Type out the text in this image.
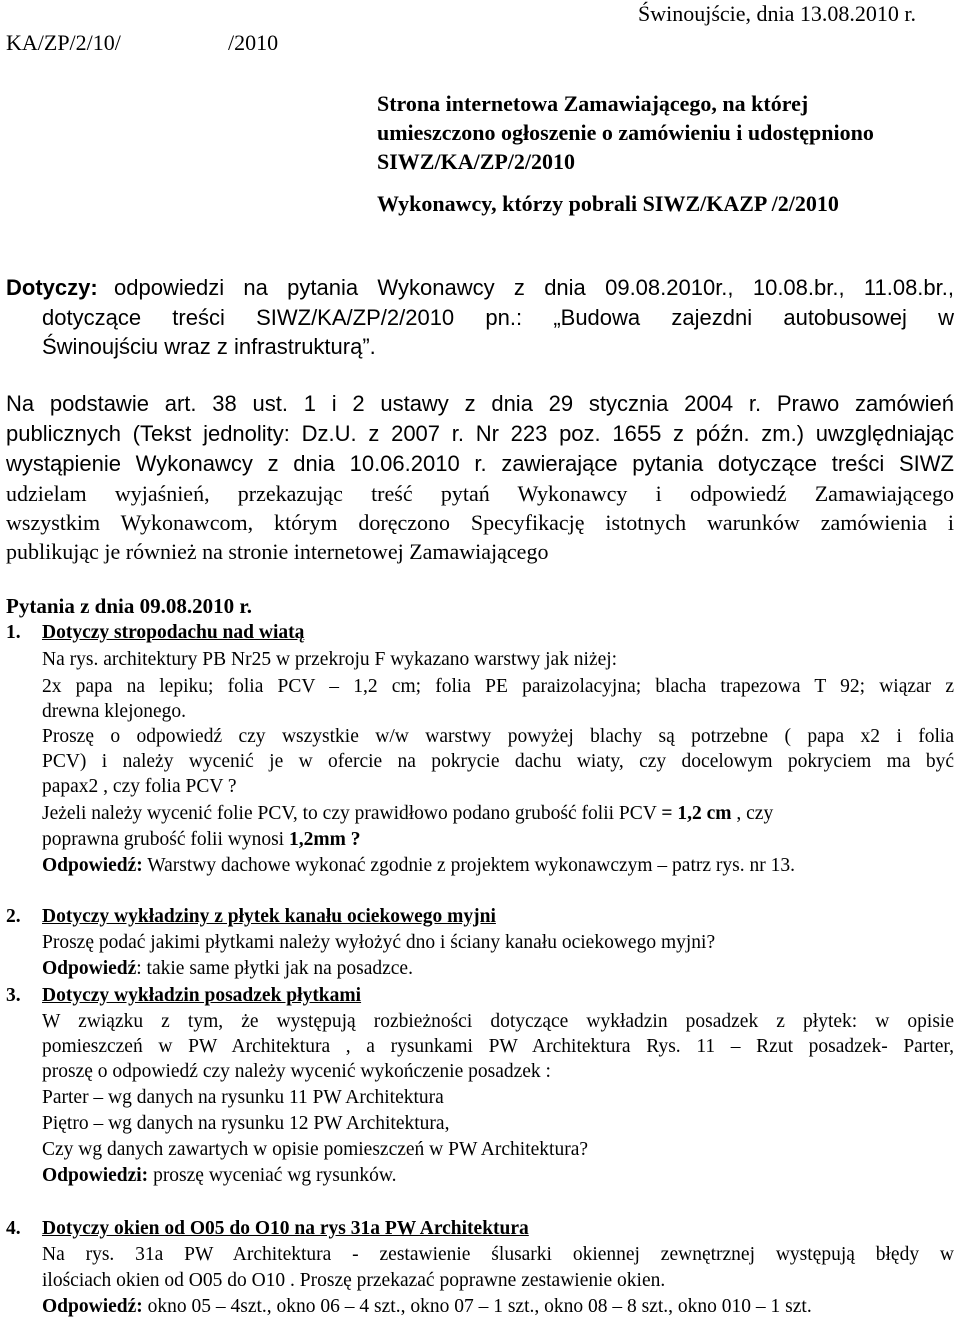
KA/ZP/2/10/	/2010
Świnoujście, dnia 13.08.2010 r.
Strona internetowa Zamawiającego, na której
umieszczono ogłoszenie o zamówieniu i udostępniono
SIWZ/KA/ZP/2/2010
Wykonawcy, którzy pobrali SIWZ/KAZP /2/2010
Dotyczy: odpowiedzi na pytania Wykonawcy z dnia 09.08.2010r., 10.08.br., 11.08.br.,
dotyczące treści SIWZ/KA/ZP/2/2010 pn.: „Budowa zajezdni autobusowej w
Świnoujściu wraz z infrastrukturą”.
Na podstawie art. 38 ust. 1 i 2 ustawy z dnia 29 stycznia 2004 r. Prawo zamówień
publicznych (Tekst jednolity: Dz.U. z 2007 r. Nr 223 poz. 1655 z późn. zm.) uwzględniając
wystąpienie Wykonawcy z dnia 10.06.2010 r. zawierające pytania dotyczące treści SIWZ
udzielam wyjaśnień, przekazując treść pytań Wykonawcy i odpowiedź Zamawiającego
wszystkim Wykonawcom, którym doręczono Specyfikację istotnych warunków zamówienia i
publikując je również na stronie internetowej Zamawiającego
Pytania z dnia 09.08.2010 r.
1. Dotyczy stropodachu nad wiatą
Na rys. architektury PB Nr25 w przekroju F wykazano warstwy jak niżej:
2x papa na lepiku; folia PCV – 1,2 cm; folia PE paraizolacyjna; blacha trapezowa T 92; wiązar z
drewna klejonego.
Proszę o odpowiedź czy wszystkie w/w warstwy powyżej blachy są potrzebne ( papa x2 i folia
PCV) i należy wycenić je w ofercie na pokrycie dachu wiaty, czy docelowym pokryciem ma być
papax2 , czy folia PCV ?
Jeżeli należy wycenić folie PCV, to czy prawidłowo podano grubość folii PCV = 1,2 cm , czy
poprawna grubość folii wynosi 1,2mm ?
Odpowiedź: Warstwy dachowe wykonać zgodnie z projektem wykonawczym – patrz rys. nr 13.
2. Dotyczy wykładziny z płytek kanału ociekowego myjni
Proszę podać jakimi płytkami należy wyłożyć dno i ściany kanału ociekowego myjni?
Odpowiedź: takie same płytki jak na posadzce.
3. Dotyczy wykładzin posadzek płytkami
W związku z tym, że występują rozbieżności dotyczące wykładzin posadzek z płytek: w opisie
pomieszczeń w PW Architektura , a rysunkami PW Architektura Rys. 11 – Rzut posadzek- Parter,
proszę o odpowiedź czy należy wycenić wykończenie posadzek :
Parter – wg danych na rysunku 11 PW Architektura
Piętro – wg danych na rysunku 12 PW Architektura,
Czy wg danych zawartych w opisie pomieszczeń w PW Architektura?
Odpowiedzi: proszę wyceniać wg rysunków.
4. Dotyczy okien od O05 do O10 na rys 31a PW Architektura
Na rys. 31a PW Architektura - zestawienie ślusarki okiennej zewnętrznej występują błędy w
ilościach okien od O05 do O10 . Proszę przekazać poprawne zestawienie okien.
Odpowiedź: okno 05 – 4szt., okno 06 – 4 szt., okno 07 – 1 szt., okno 08 – 8 szt., okno 010 – 1 szt.
